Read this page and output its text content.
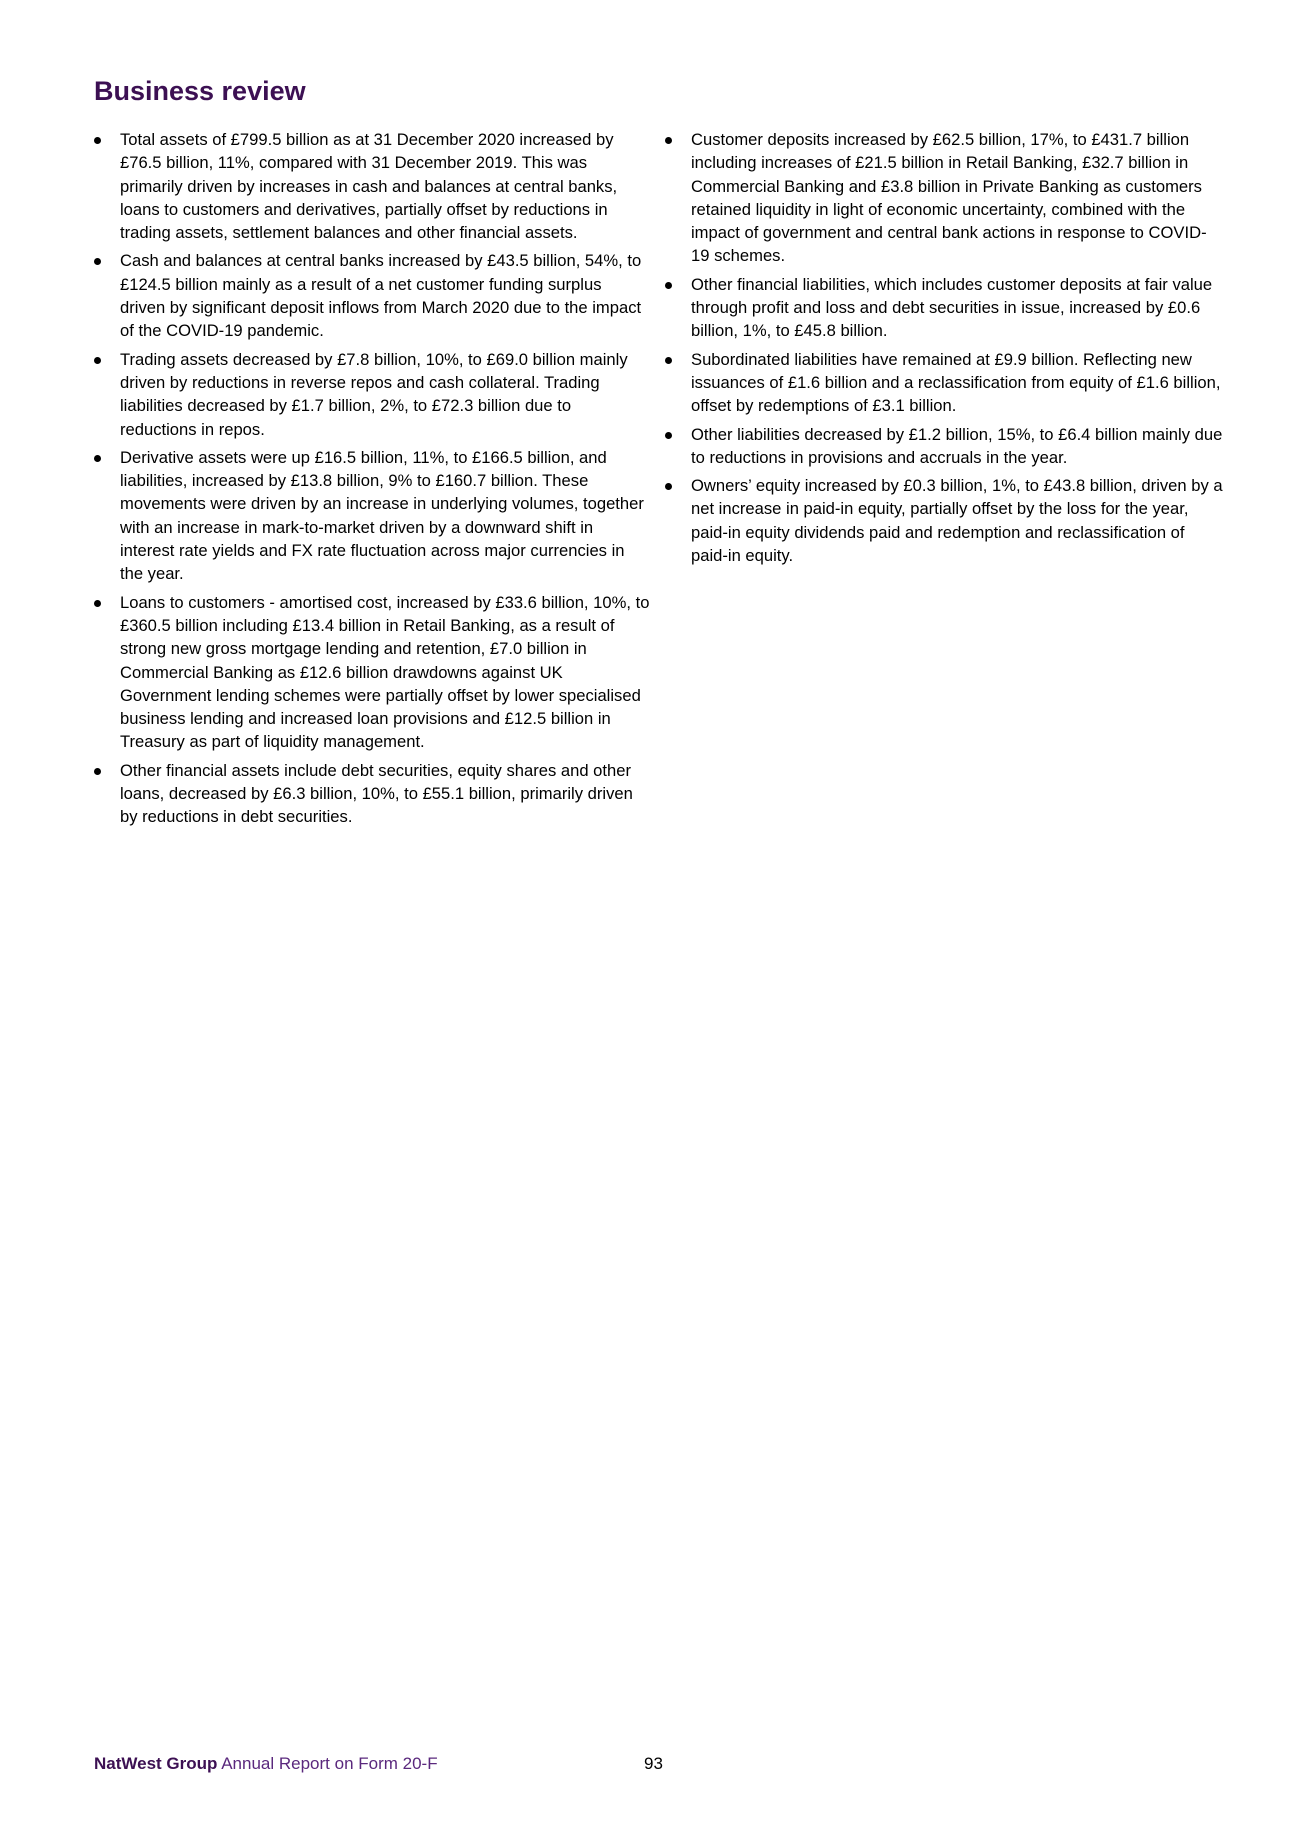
Business review
Total assets of £799.5 billion as at 31 December 2020 increased by £76.5 billion, 11%, compared with 31 December 2019. This was primarily driven by increases in cash and balances at central banks, loans to customers and derivatives, partially offset by reductions in trading assets, settlement balances and other financial assets.
Cash and balances at central banks increased by £43.5 billion, 54%, to £124.5 billion mainly as a result of a net customer funding surplus driven by significant deposit inflows from March 2020 due to the impact of the COVID-19 pandemic.
Trading assets decreased by £7.8 billion, 10%, to £69.0 billion mainly driven by reductions in reverse repos and cash collateral. Trading liabilities decreased by £1.7 billion, 2%, to £72.3 billion due to reductions in repos.
Derivative assets were up £16.5 billion, 11%, to £166.5 billion, and liabilities, increased by £13.8 billion, 9% to £160.7 billion. These movements were driven by an increase in underlying volumes, together with an increase in mark-to-market driven by a downward shift in interest rate yields and FX rate fluctuation across major currencies in the year.
Loans to customers - amortised cost, increased by £33.6 billion, 10%, to £360.5 billion including £13.4 billion in Retail Banking, as a result of strong new gross mortgage lending and retention, £7.0 billion in Commercial Banking as £12.6 billion drawdowns against UK Government lending schemes were partially offset by lower specialised business lending and increased loan provisions and £12.5 billion in Treasury as part of liquidity management.
Other financial assets include debt securities, equity shares and other loans, decreased by £6.3 billion, 10%, to £55.1 billion, primarily driven by reductions in debt securities.
Customer deposits increased by £62.5 billion, 17%, to £431.7 billion including increases of £21.5 billion in Retail Banking, £32.7 billion in Commercial Banking and £3.8 billion in Private Banking as customers retained liquidity in light of economic uncertainty, combined with the impact of government and central bank actions in response to COVID-19 schemes.
Other financial liabilities, which includes customer deposits at fair value through profit and loss and debt securities in issue, increased by £0.6 billion, 1%, to £45.8 billion.
Subordinated liabilities have remained at £9.9 billion. Reflecting new issuances of £1.6 billion and a reclassification from equity of £1.6 billion, offset by redemptions of £3.1 billion.
Other liabilities decreased by £1.2 billion, 15%, to £6.4 billion mainly due to reductions in provisions and accruals in the year.
Owners’ equity increased by £0.3 billion, 1%, to £43.8 billion, driven by a net increase in paid-in equity, partially offset by the loss for the year, paid-in equity dividends paid and redemption and reclassification of paid-in equity.
NatWest Group Annual Report on Form 20-F	93
